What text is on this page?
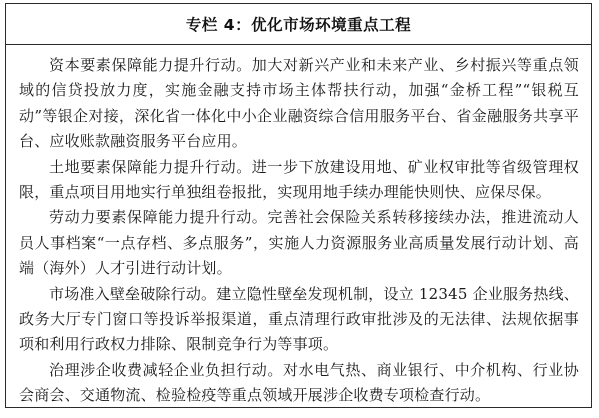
专栏 4：优化市场环境重点工程

资本要素保障能力提升行动。加大对新兴产业和未来产业、乡村振兴等重点领域的信贷投放力度，实施金融支持市场主体帮扶行动，加强“金桥工程”“银税互动”等银企对接，深化省一体化中小企业融资综合信用服务平台、省金融服务共享平台、应收账款融资服务平台应用。

土地要素保障能力提升行动。进一步下放建设用地、矿业权审批等省级管理权限，重点项目用地实行单独组卷报批，实现用地手续办理能快则快、应保尽保。

劳动力要素保障能力提升行动。完善社会保险关系转移接续办法，推进流动人员人事档案“一点存档、多点服务”，实施人力资源服务业高质量发展行动计划、高端（海外）人才引进行动计划。

市场准入壁垒破除行动。建立隐性壁垒发现机制，设立 12345 企业服务热线、政务大厅专门窗口等投诉举报渠道，重点清理行政审批涉及的无法律、法规依据事项和利用行政权力排除、限制竞争行为等事项。

治理涉企收费减轻企业负担行动。对水电气热、商业银行、中介机构、行业协会商会、交通物流、检验检疫等重点领域开展涉企收费专项检查行动。
